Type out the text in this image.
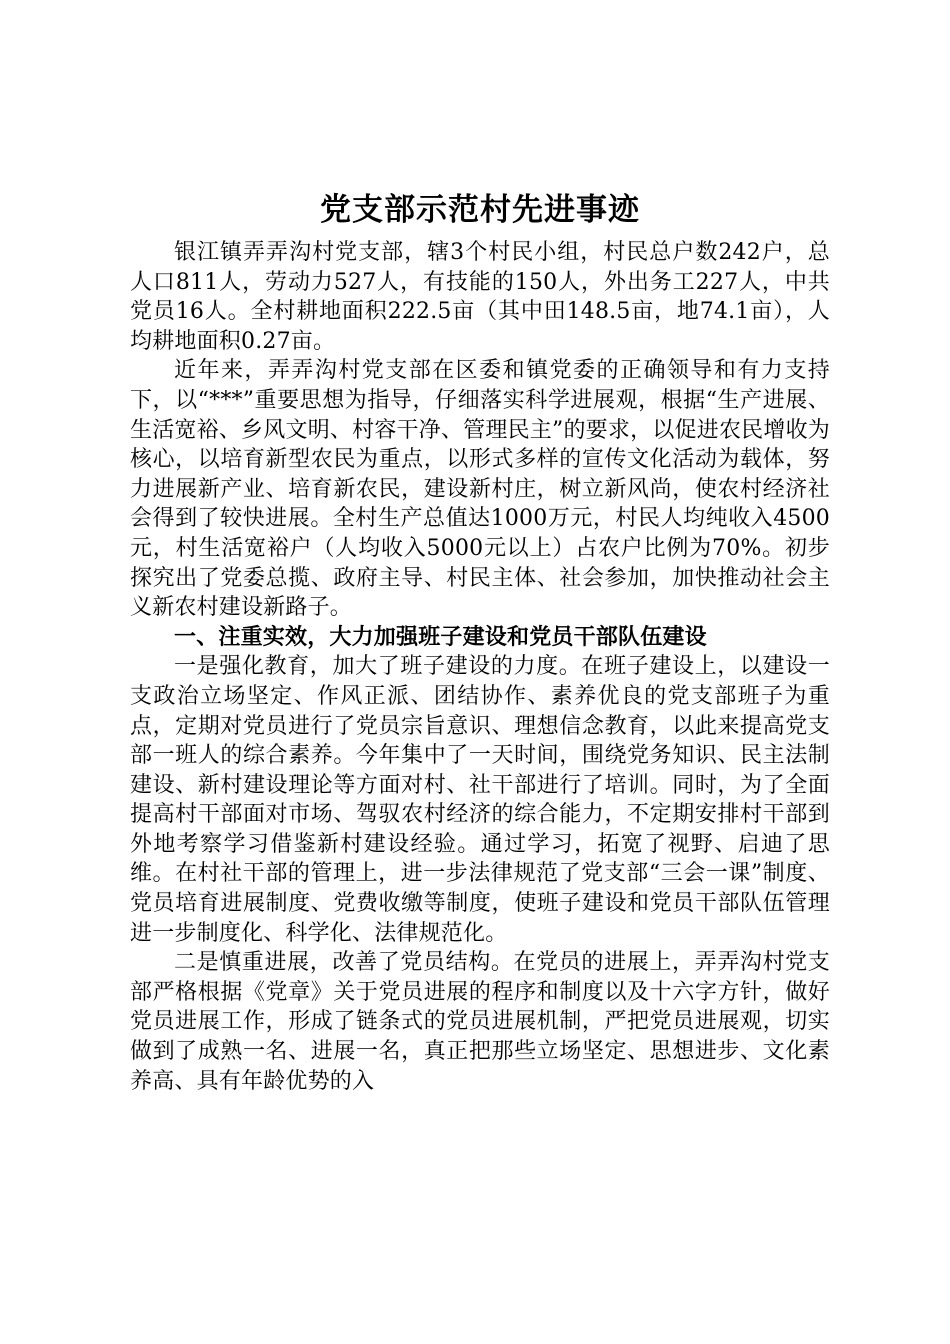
党支部示范村先进事迹

银江镇弄弄沟村党支部，辖3个村民小组，村民总户数242户，总人口811人，劳动力527人，有技能的150人，外出务工227人，中共党员16人。全村耕地面积222.5亩（其中田148.5亩，地74.1亩），人均耕地面积0.27亩。

近年来，弄弄沟村党支部在区委和镇党委的正确领导和有力支持下，以“***”重要思想为指导，仔细落实科学进展观，根据“生产进展、生活宽裕、乡风文明、村容干净、管理民主”的要求，以促进农民增收为核心，以培育新型农民为重点，以形式多样的宣传文化活动为载体，努力进展新产业、培育新农民，建设新村庄，树立新风尚，使农村经济社会得到了较快进展。全村生产总值达1000万元，村民人均纯收入4500元，村生活宽裕户（人均收入5000元以上）占农户比例为70%。初步探究出了党委总揽、政府主导、村民主体、社会参加，加快推动社会主义新农村建设新路子。

一、注重实效，大力加强班子建设和党员干部队伍建设

一是强化教育，加大了班子建设的力度。在班子建设上，以建设一支政治立场坚定、作风正派、团结协作、素养优良的党支部班子为重点，定期对党员进行了党员宗旨意识、理想信念教育，以此来提高党支部一班人的综合素养。今年集中了一天时间，围绕党务知识、民主法制建设、新村建设理论等方面对村、社干部进行了培训。同时，为了全面提高村干部面对市场、驾驭农村经济的综合能力，不定期安排村干部到外地考察学习借鉴新村建设经验。通过学习，拓宽了视野、启迪了思维。在村社干部的管理上，进一步法律规范了党支部“三会一课”制度、党员培育进展制度、党费收缴等制度，使班子建设和党员干部队伍管理进一步制度化、科学化、法律规范化。

二是慎重进展，改善了党员结构。在党员的进展上，弄弄沟村党支部严格根据《党章》关于党员进展的程序和制度以及十六字方针，做好党员进展工作，形成了链条式的党员进展机制，严把党员进展观，切实做到了成熟一名、进展一名，真正把那些立场坚定、思想进步、文化素养高、具有年龄优势的入
